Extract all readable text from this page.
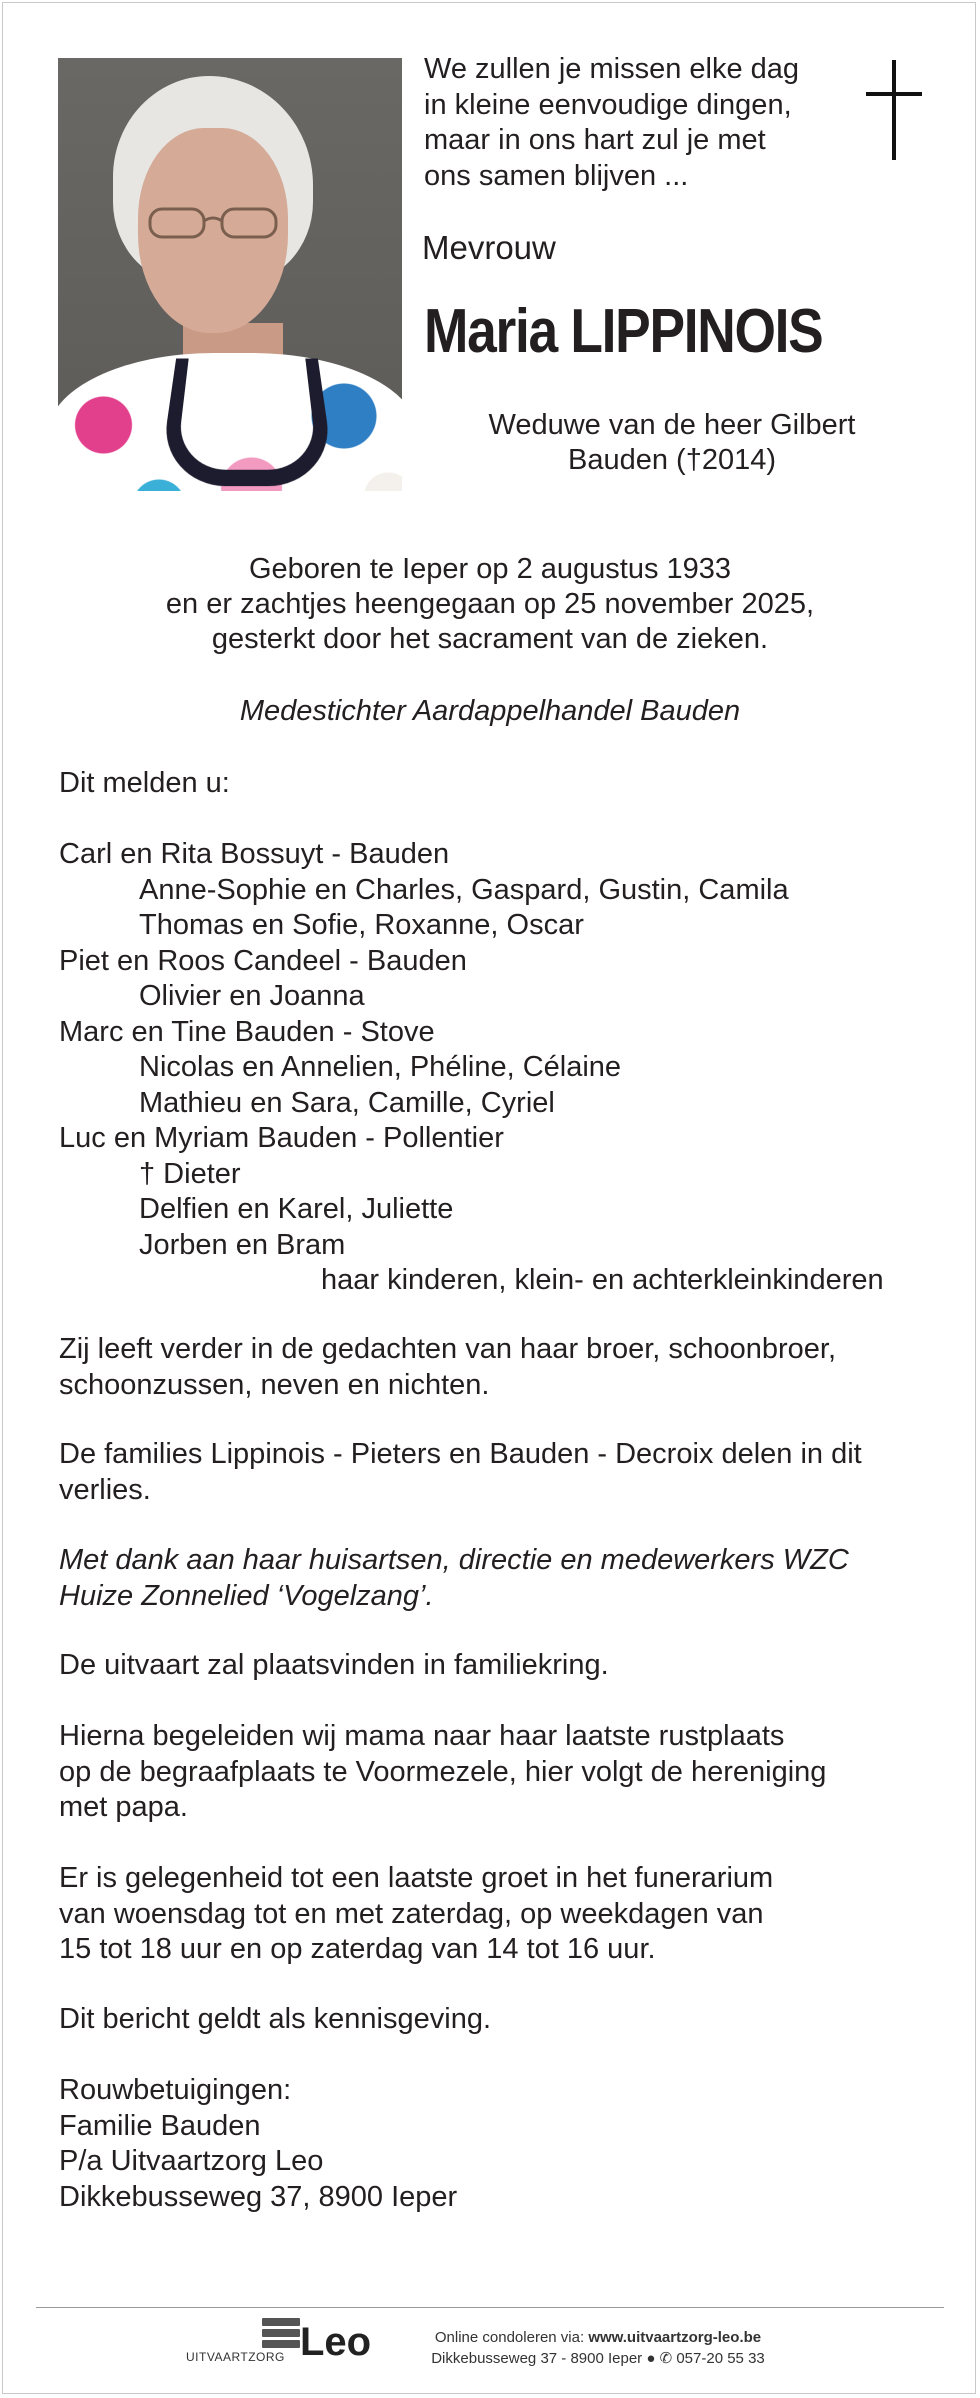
We zullen je missen elke dag
in kleine eenvoudige dingen,
maar in ons hart zul je met
ons samen blijven ...
Mevrouw
Maria LIPPINOIS
Weduwe van de heer Gilbert
Bauden (†2014)
Geboren te Ieper op 2 augustus 1933
en er zachtjes heengegaan op 25 november 2025,
gesterkt door het sacrament van de zieken.
Medestichter Aardappelhandel Bauden
Dit melden u:
Carl en Rita Bossuyt - Bauden
Anne-Sophie en Charles, Gaspard, Gustin, Camila
Thomas en Sofie, Roxanne, Oscar
Piet en Roos Candeel - Bauden
Olivier en Joanna
Marc en Tine Bauden - Stove
Nicolas en Annelien, Phéline, Célaine
Mathieu en Sara, Camille, Cyriel
Luc en Myriam Bauden - Pollentier
† Dieter
Delfien en Karel, Juliette
Jorben en Bram
haar kinderen, klein- en achterkleinkinderen
Zij leeft verder in de gedachten van haar broer, schoonbroer,
schoonzussen, neven en nichten.
De families Lippinois - Pieters en Bauden - Decroix delen in dit
verlies.
Met dank aan haar huisartsen, directie en medewerkers WZC
Huize Zonnelied ‘Vogelzang’.
De uitvaart zal plaatsvinden in familiekring.
Hierna begeleiden wij mama naar haar laatste rustplaats
op de begraafplaats te Voormezele, hier volgt de hereniging
met papa.
Er is gelegenheid tot een laatste groet in het funerarium
van woensdag tot en met zaterdag, op weekdagen van
15 tot 18 uur en op zaterdag van 14 tot 16 uur.
Dit bericht geldt als kennisgeving.
Rouwbetuigingen:
Familie Bauden
P/a Uitvaartzorg Leo
Dikkebusseweg 37, 8900 Ieper
UITVAARTZORG Leo	Online condoleren via: www.uitvaartzorg-leo.be
Dikkebusseweg 37 - 8900 Ieper ● ✆ 057-20 55 33
